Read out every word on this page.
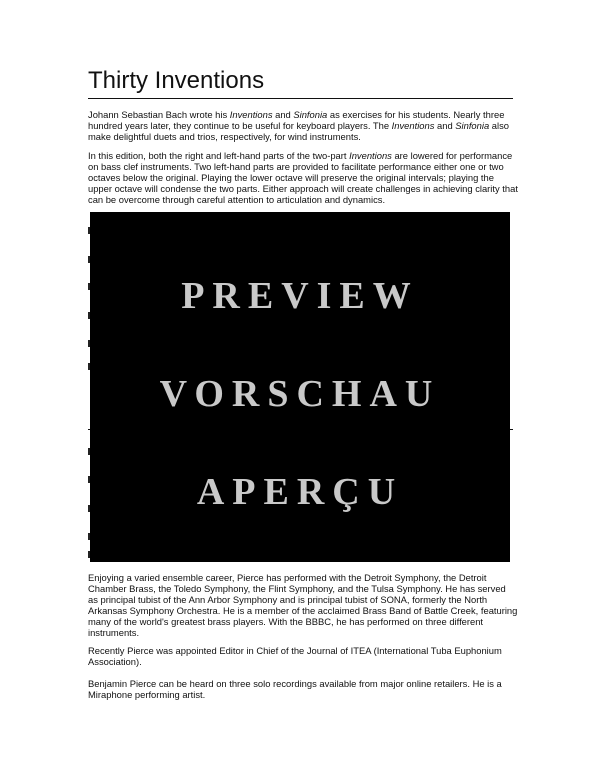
Thirty Inventions

Johann Sebastian Bach wrote his Inventions and Sinfonia as exercises for his students. Nearly three hundred years later, they continue to be useful for keyboard players. The Inventions and Sinfonia also make delightful duets and trios, respectively, for wind instruments.

In this edition, both the right and left-hand parts of the two-part Inventions are lowered for performance on bass clef instruments. Two left-hand parts are provided to facilitate performance either one or two octaves below the original. Playing the lower octave will preserve the original intervals; playing the upper octave will condense the two parts. Either approach will create challenges in achieving clarity that can be overcome through careful attention to articulation and dynamics.

PREVIEW

VORSCHAU

APERÇU

Enjoying a varied ensemble career, Pierce has performed with the Detroit Symphony, the Detroit Chamber Brass, the Toledo Symphony, the Flint Symphony, and the Tulsa Symphony. He has served as principal tubist of the Ann Arbor Symphony and is principal tubist of SONA, formerly the North Arkansas Symphony Orchestra. He is a member of the acclaimed Brass Band of Battle Creek, featuring many of the world's greatest brass players. With the BBBC, he has performed on three different instruments.

Recently Pierce was appointed Editor in Chief of the Journal of ITEA (International Tuba Euphonium Association).

Benjamin Pierce can be heard on three solo recordings available from major online retailers. He is a Miraphone performing artist.
